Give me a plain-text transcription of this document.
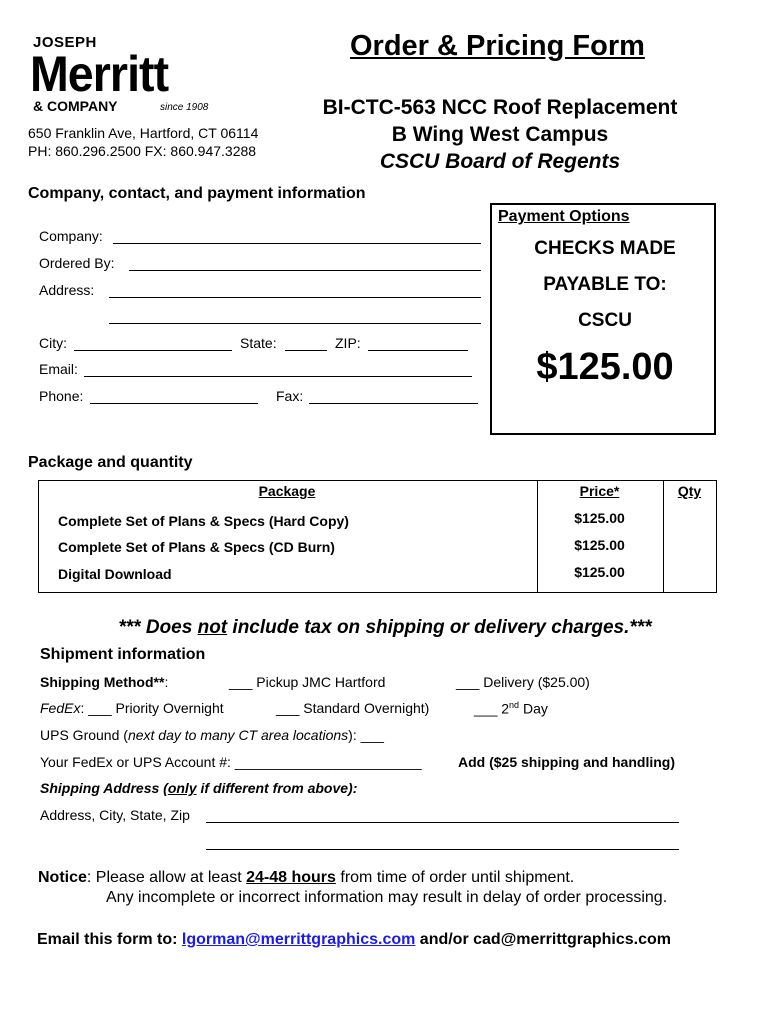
JOSEPH
Merritt
& COMPANY	since 1908
650 Franklin Ave, Hartford, CT 06114
PH: 860.296.2500 FX: 860.947.3288
Order & Pricing Form
BI-CTC-563 NCC Roof Replacement
B Wing West Campus
CSCU Board of Regents
Company, contact, and payment information
Company:
Ordered By:
Address:
City:	State:	ZIP:
Email:
Phone:	Fax:
Payment Options
CHECKS MADE
PAYABLE TO:
CSCU
$125.00
Package and quantity
Package	Price*	Qty
Complete Set of Plans & Specs (Hard Copy)	$125.00
Complete Set of Plans & Specs (CD Burn)	$125.00
Digital Download	$125.00
*** Does not include tax on shipping or delivery charges.***
Shipment information
Shipping Method**:	___ Pickup JMC Hartford	___ Delivery ($25.00)
FedEx: ___ Priority Overnight	___ Standard Overnight)	___ 2nd Day
UPS Ground (next day to many CT area locations): ___
Your FedEx or UPS Account #: ________________________	Add ($25 shipping and handling)
Shipping Address (only if different from above):
Address, City, State, Zip
Notice: Please allow at least 24-48 hours from time of order until shipment.
Any incomplete or incorrect information may result in delay of order processing.
Email this form to: lgorman@merrittgraphics.com and/or cad@merrittgraphics.com
